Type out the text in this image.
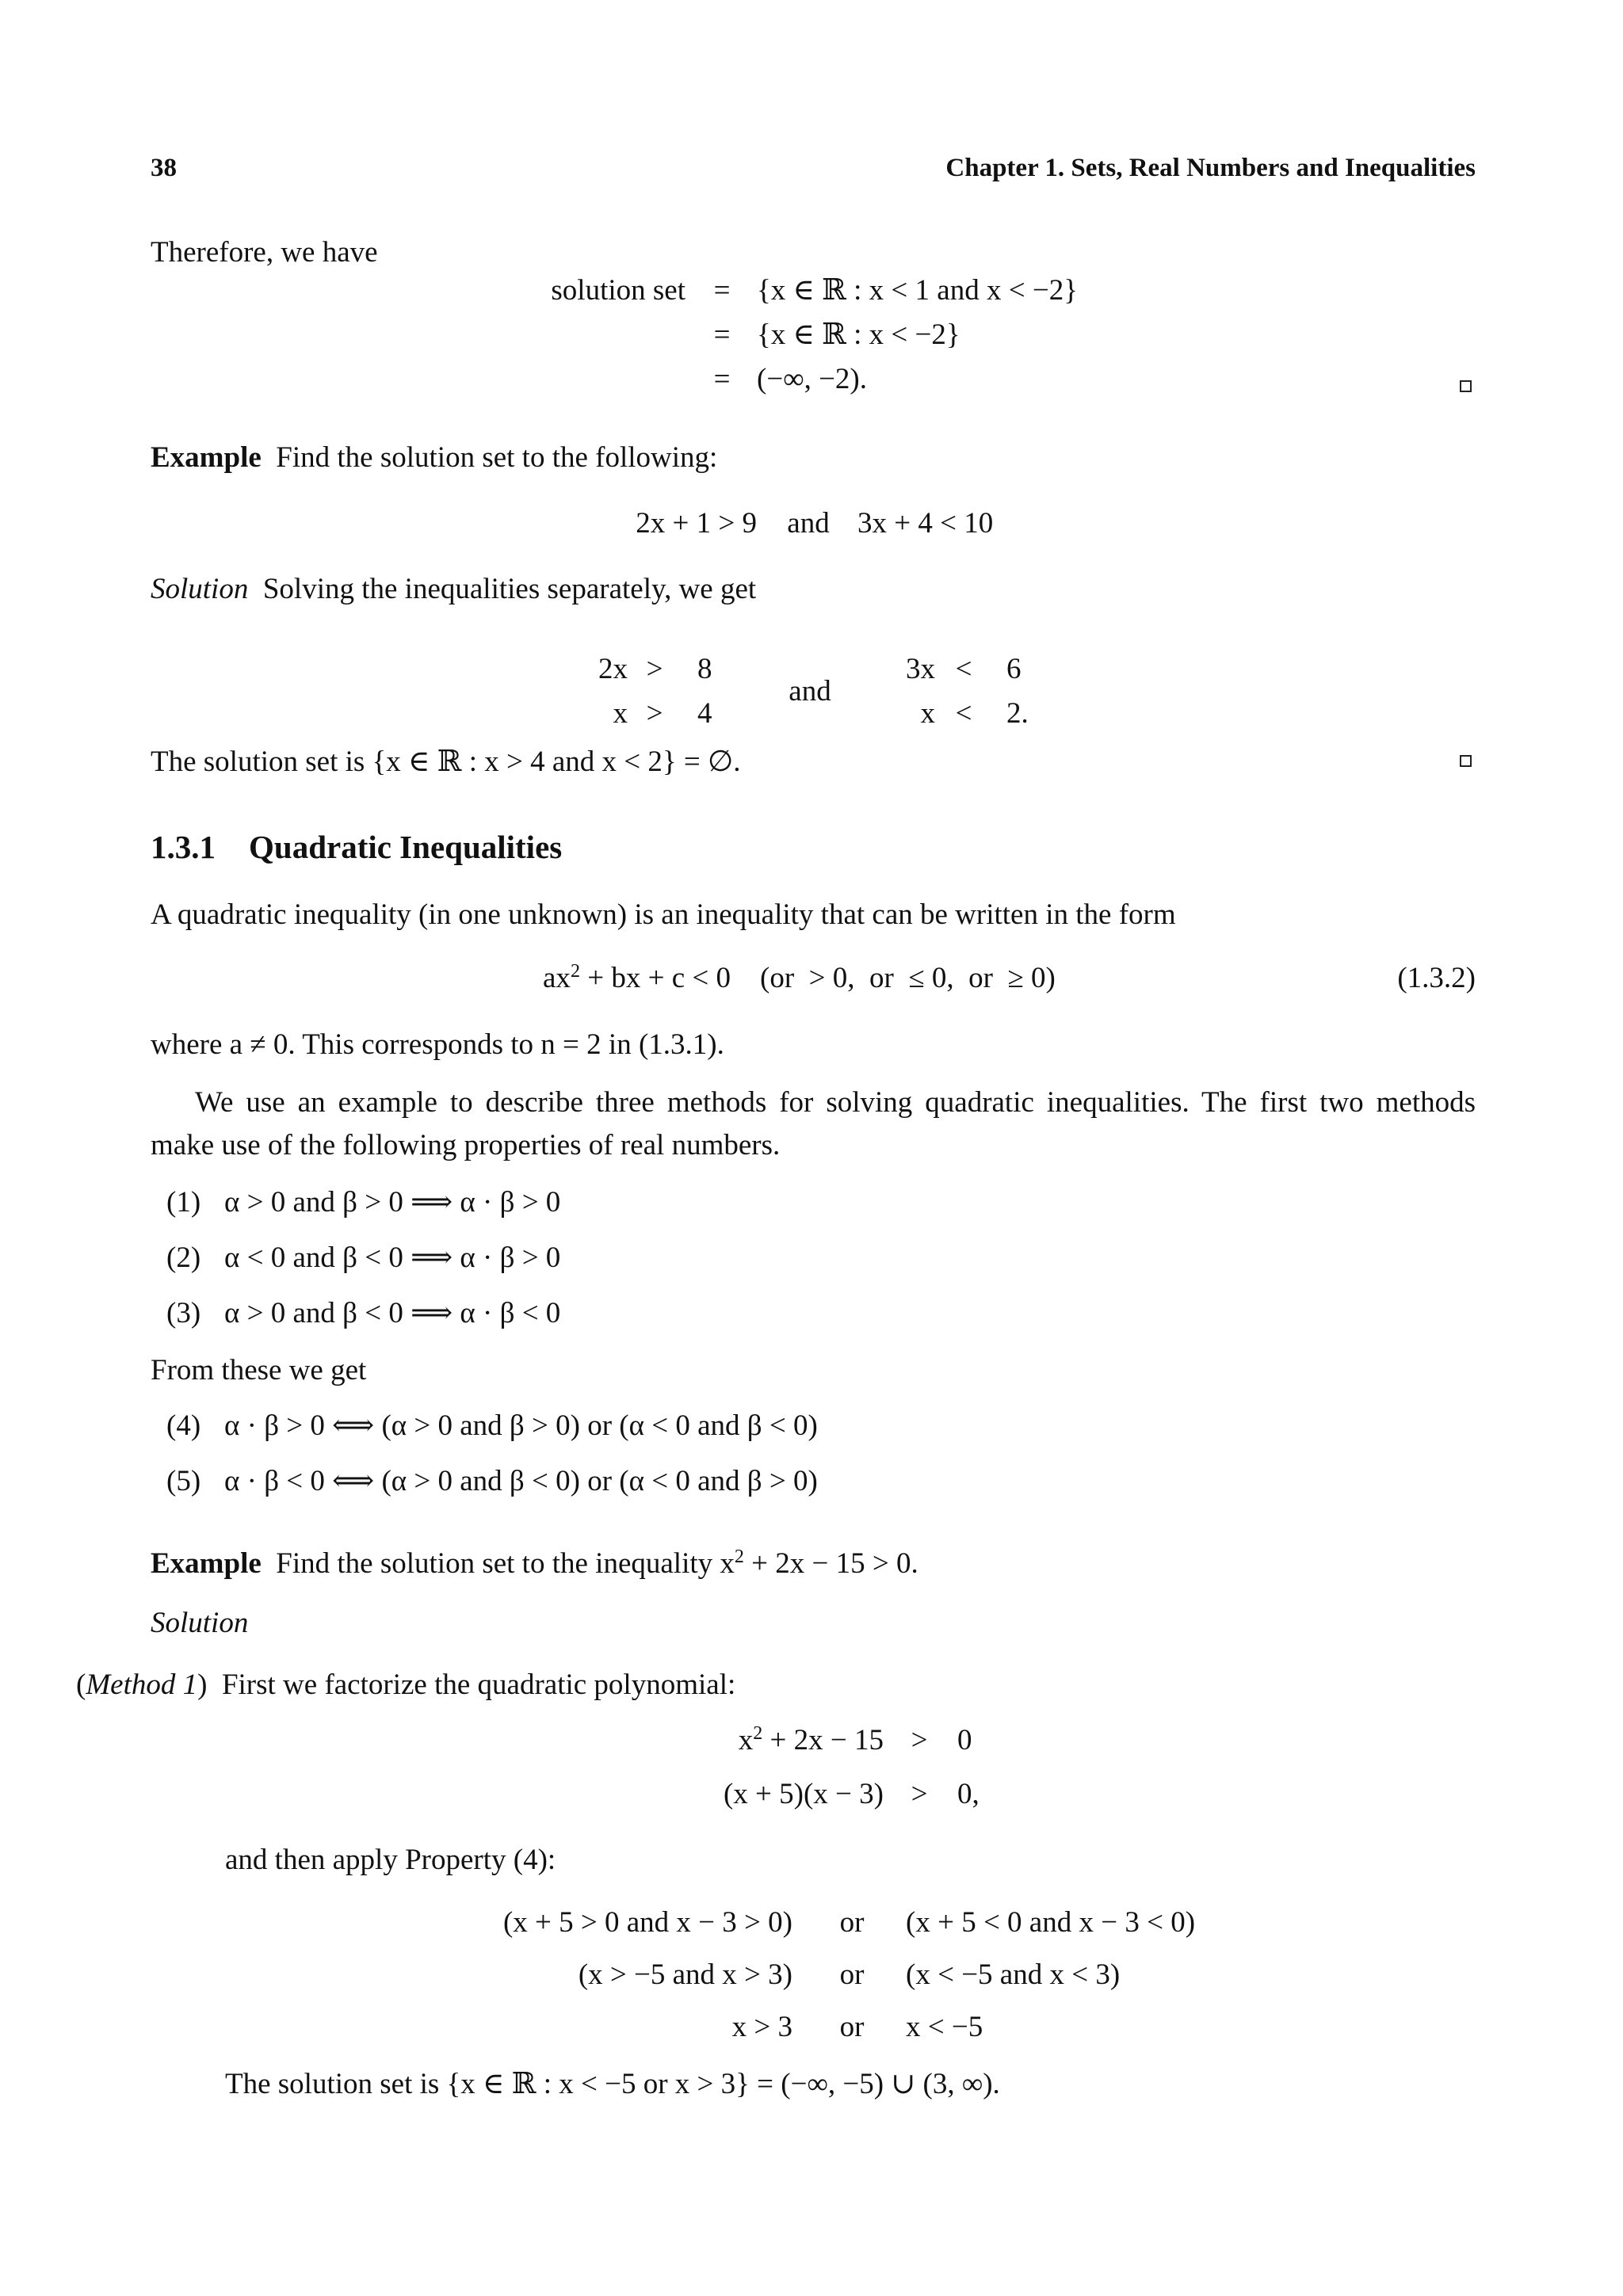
38	Chapter 1. Sets, Real Numbers and Inequalities
Therefore, we have
solution set = {x ∈ ℝ : x < 1 and x < −2}
= {x ∈ ℝ : x < −2}
= (−∞, −2).
Example Find the solution set to the following:
2x + 1 > 9	and 3x + 4 < 10
Solution Solving the inequalities separately, we get
2x > 8
x > 4
and
3x < 6
x < 2.
The solution set is {x ∈ ℝ : x > 4 and x < 2} = ∅.
1.3.1 Quadratic Inequalities
A quadratic inequality (in one unknown) is an inequality that can be written in the form
$ax^2$ + bx + c < 0    (or  > 0,  or  ≤ 0,  or  ≥ 0)	(1.3.2)
where a ≠ 0. This corresponds to n = 2 in (1.3.1).
We use an example to describe three methods for solving quadratic inequalities. The first two methods
make use of the following properties of real numbers.
(1) α > 0 and β > 0 ⟹ α · β > 0
(2) α < 0 and β < 0 ⟹ α · β > 0
(3) α > 0 and β < 0 ⟹ α · β < 0
From these we get
(4) α · β > 0 ⟺ (α > 0 and β > 0) or (α < 0 and β < 0)
(5) α · β < 0 ⟺ (α > 0 and β < 0) or (α < 0 and β > 0)
Example Find the solution set to the inequality $x^2 + 2x - 15 > 0$.
Solution
(Method 1)  First we factorize the quadratic polynomial:
$x^2 + 2x - 15 > 0$
(x + 5)(x − 3) > 0,
and then apply Property (4):
(x + 5 > 0 and x − 3 > 0)	or	(x + 5 < 0 and x − 3 < 0)
(x > −5 and x > 3)	or	(x < −5 and x < 3)
x > 3	or	x < −5
The solution set is {x ∈ ℝ : x < −5 or x > 3} = (−∞, −5) ∪ (3, ∞).
